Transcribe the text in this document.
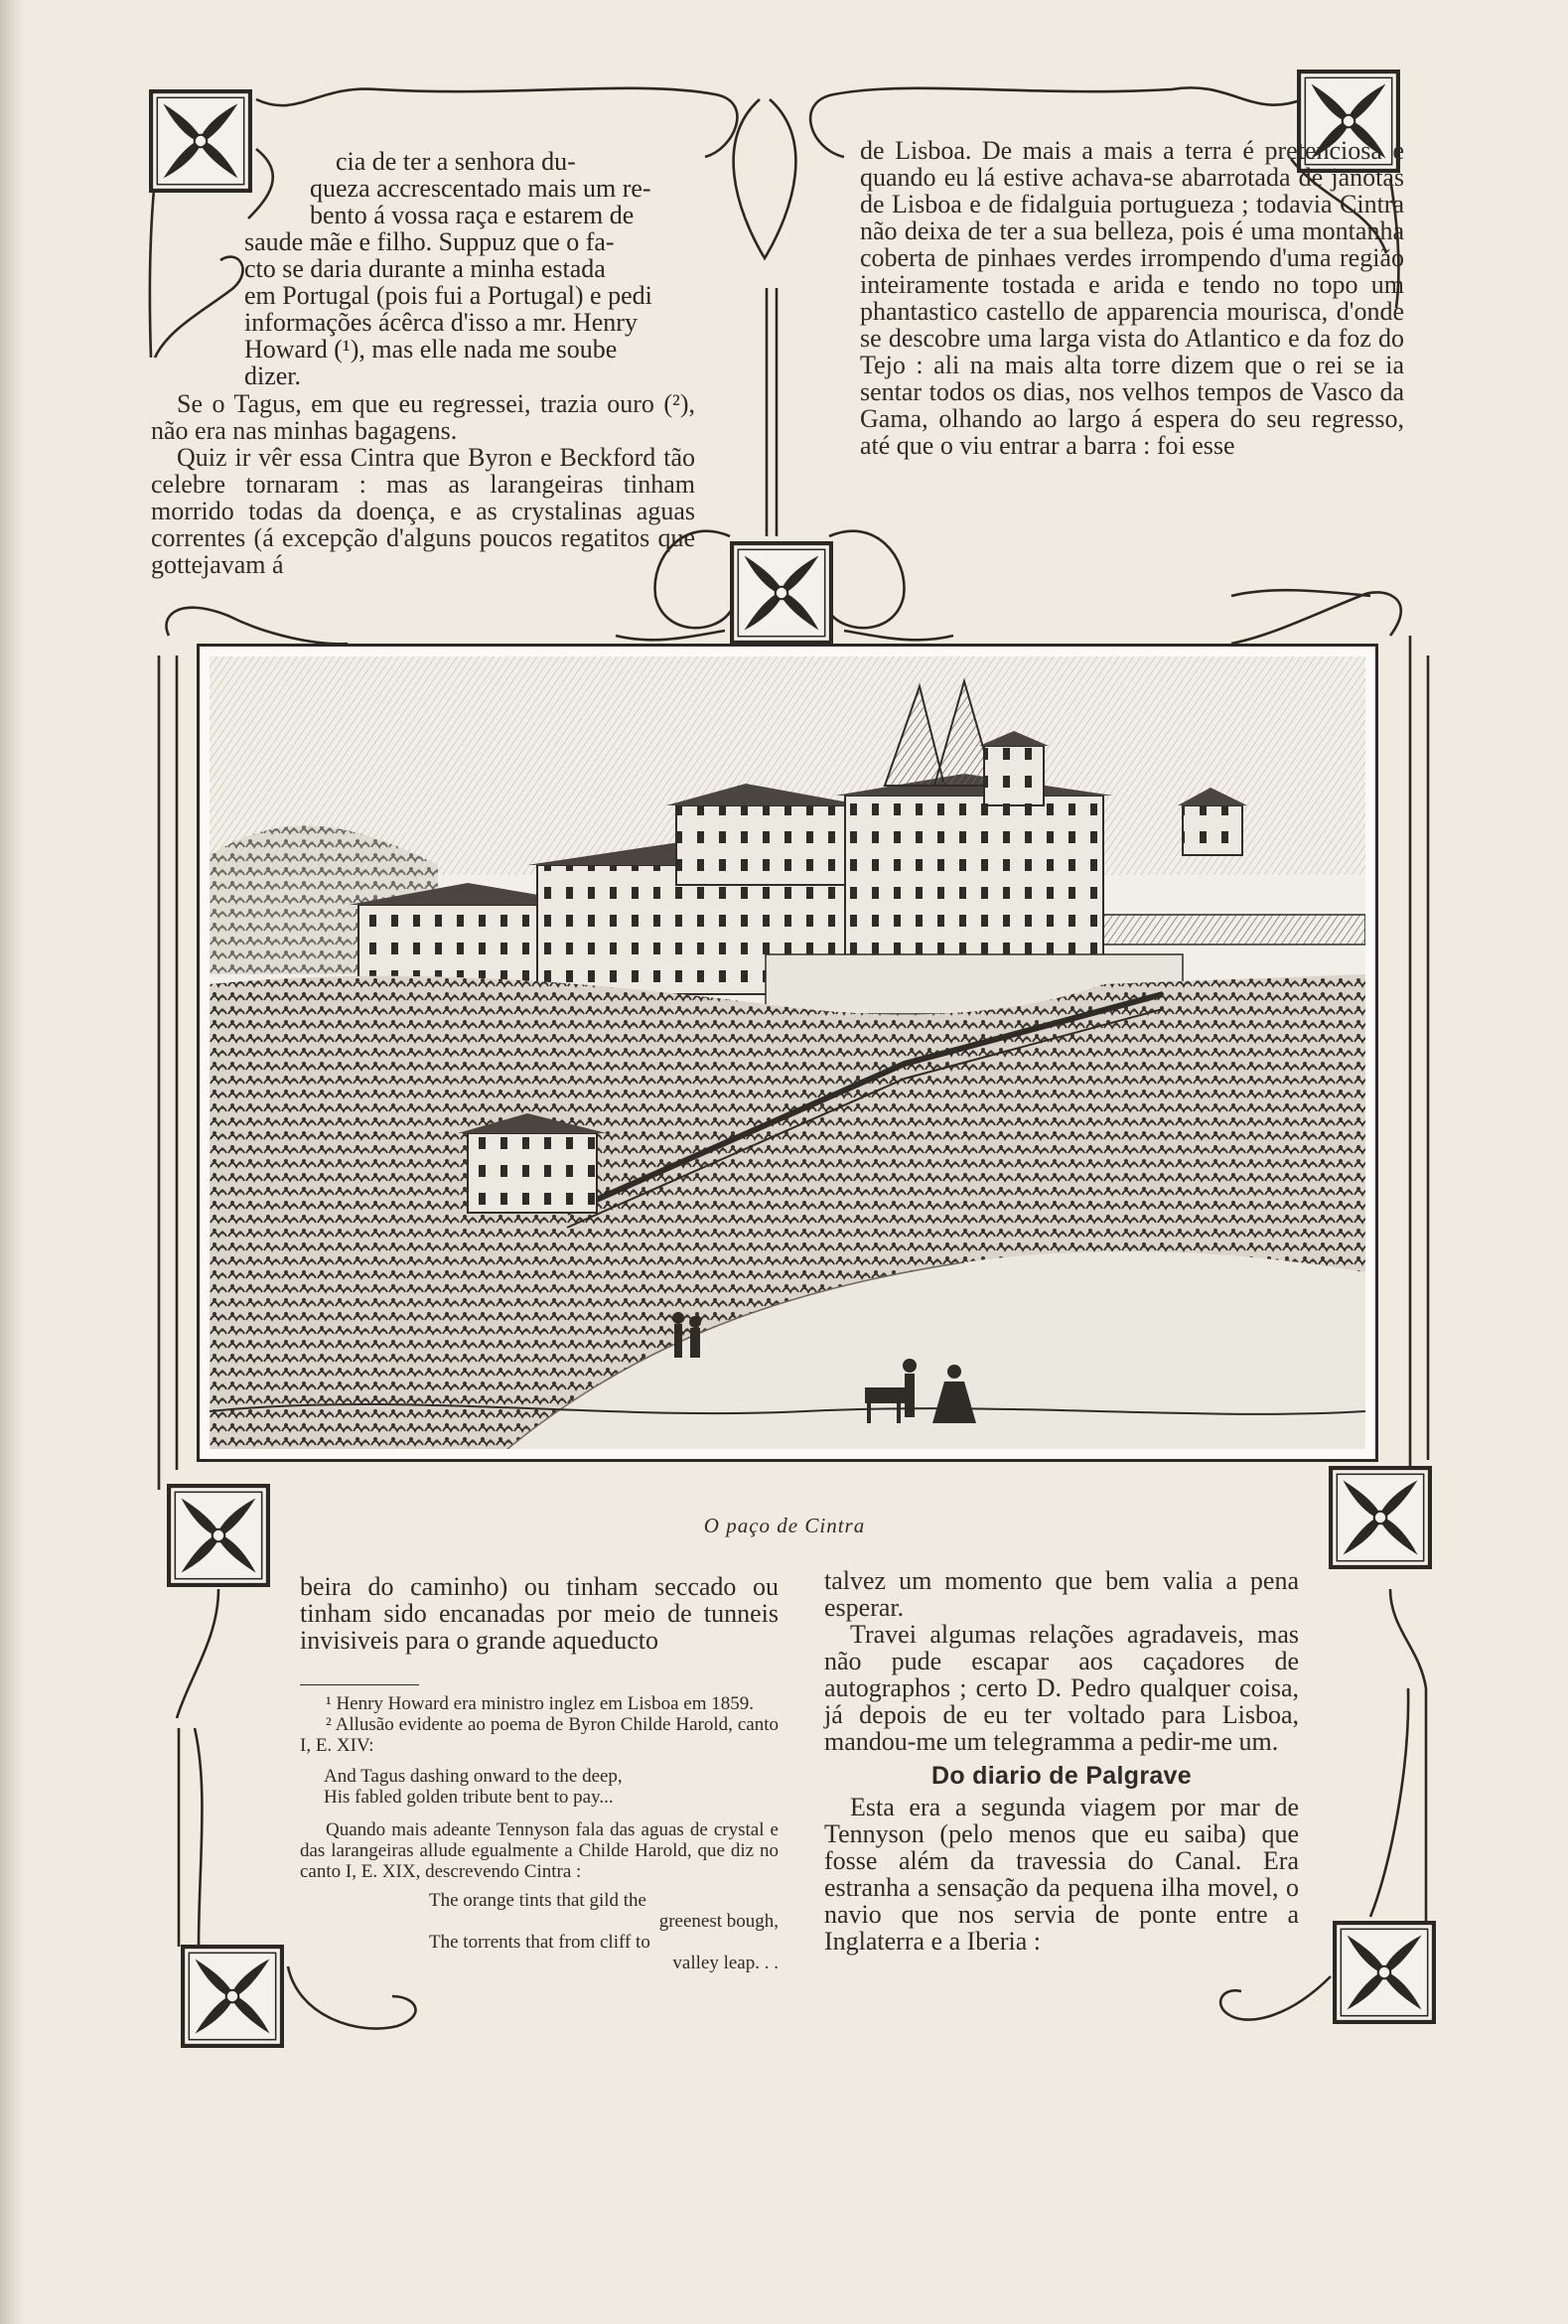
cia de ter a senhora du-
queza accrescentado mais um re-
bento á vossa raça e estarem de
saude mãe e filho. Suppuz que o fa-
cto se daria durante a minha estada
em Portugal (pois fui a Portugal) e pedi
informações ácêrca d'isso a mr. Henry
Howard (¹), mas elle nada me soube
dizer.

Se o Tagus, em que eu regressei, trazia ouro (²), não era nas minhas bagagens.

Quiz ir vêr essa Cintra que Byron e Beckford tão celebre tornaram : mas as larangeiras tinham morrido todas da doença, e as crystalinas aguas correntes (á excepção d'alguns poucos regatitos que gottejavam á

de Lisboa. De mais a mais a terra é pretenciosa e quando eu lá estive achava-se abarrotada de janotas de Lisboa e de fidalguia portugueza ; todavia Cintra não deixa de ter a sua belleza, pois é uma montanha coberta de pinhaes verdes irrompendo d'uma região inteiramente tostada e arida e tendo no topo um phantastico castello de apparencia mourisca, d'onde se descobre uma larga vista do Atlantico e da foz do Tejo : ali na mais alta torre dizem que o rei se ia sentar todos os dias, nos velhos tempos de Vasco da Gama, olhando ao largo á espera do seu regresso, até que o viu entrar a barra : foi esse

O paço de Cintra

beira do caminho) ou tinham seccado ou tinham sido encanadas por meio de tunneis invisiveis para o grande aqueducto

¹ Henry Howard era ministro inglez em Lisboa em 1859.

² Allusão evidente ao poema de Byron Childe Harold, canto I, E. XIV:

And Tagus dashing onward to the deep,

His fabled golden tribute bent to pay...

Quando mais adeante Tennyson fala das aguas de crystal e das larangeiras allude egualmente a Childe Harold, que diz no canto I, E. XIX, descrevendo Cintra :

The orange tints that gild the

greenest bough,

The torrents that from cliff to

valley leap. . .

talvez um momento que bem valia a pena esperar.

Travei algumas relações agradaveis, mas não pude escapar aos caçadores de autographos ; certo D. Pedro qualquer coisa, já depois de eu ter voltado para Lisboa, mandou-me um telegramma a pedir-me um.

Do diario de Palgrave

Esta era a segunda viagem por mar de Tennyson (pelo menos que eu saiba) que fosse além da travessia do Canal. Era estranha a sensação da pequena ilha movel, o navio que nos servia de ponte entre a Inglaterra e a Iberia :
